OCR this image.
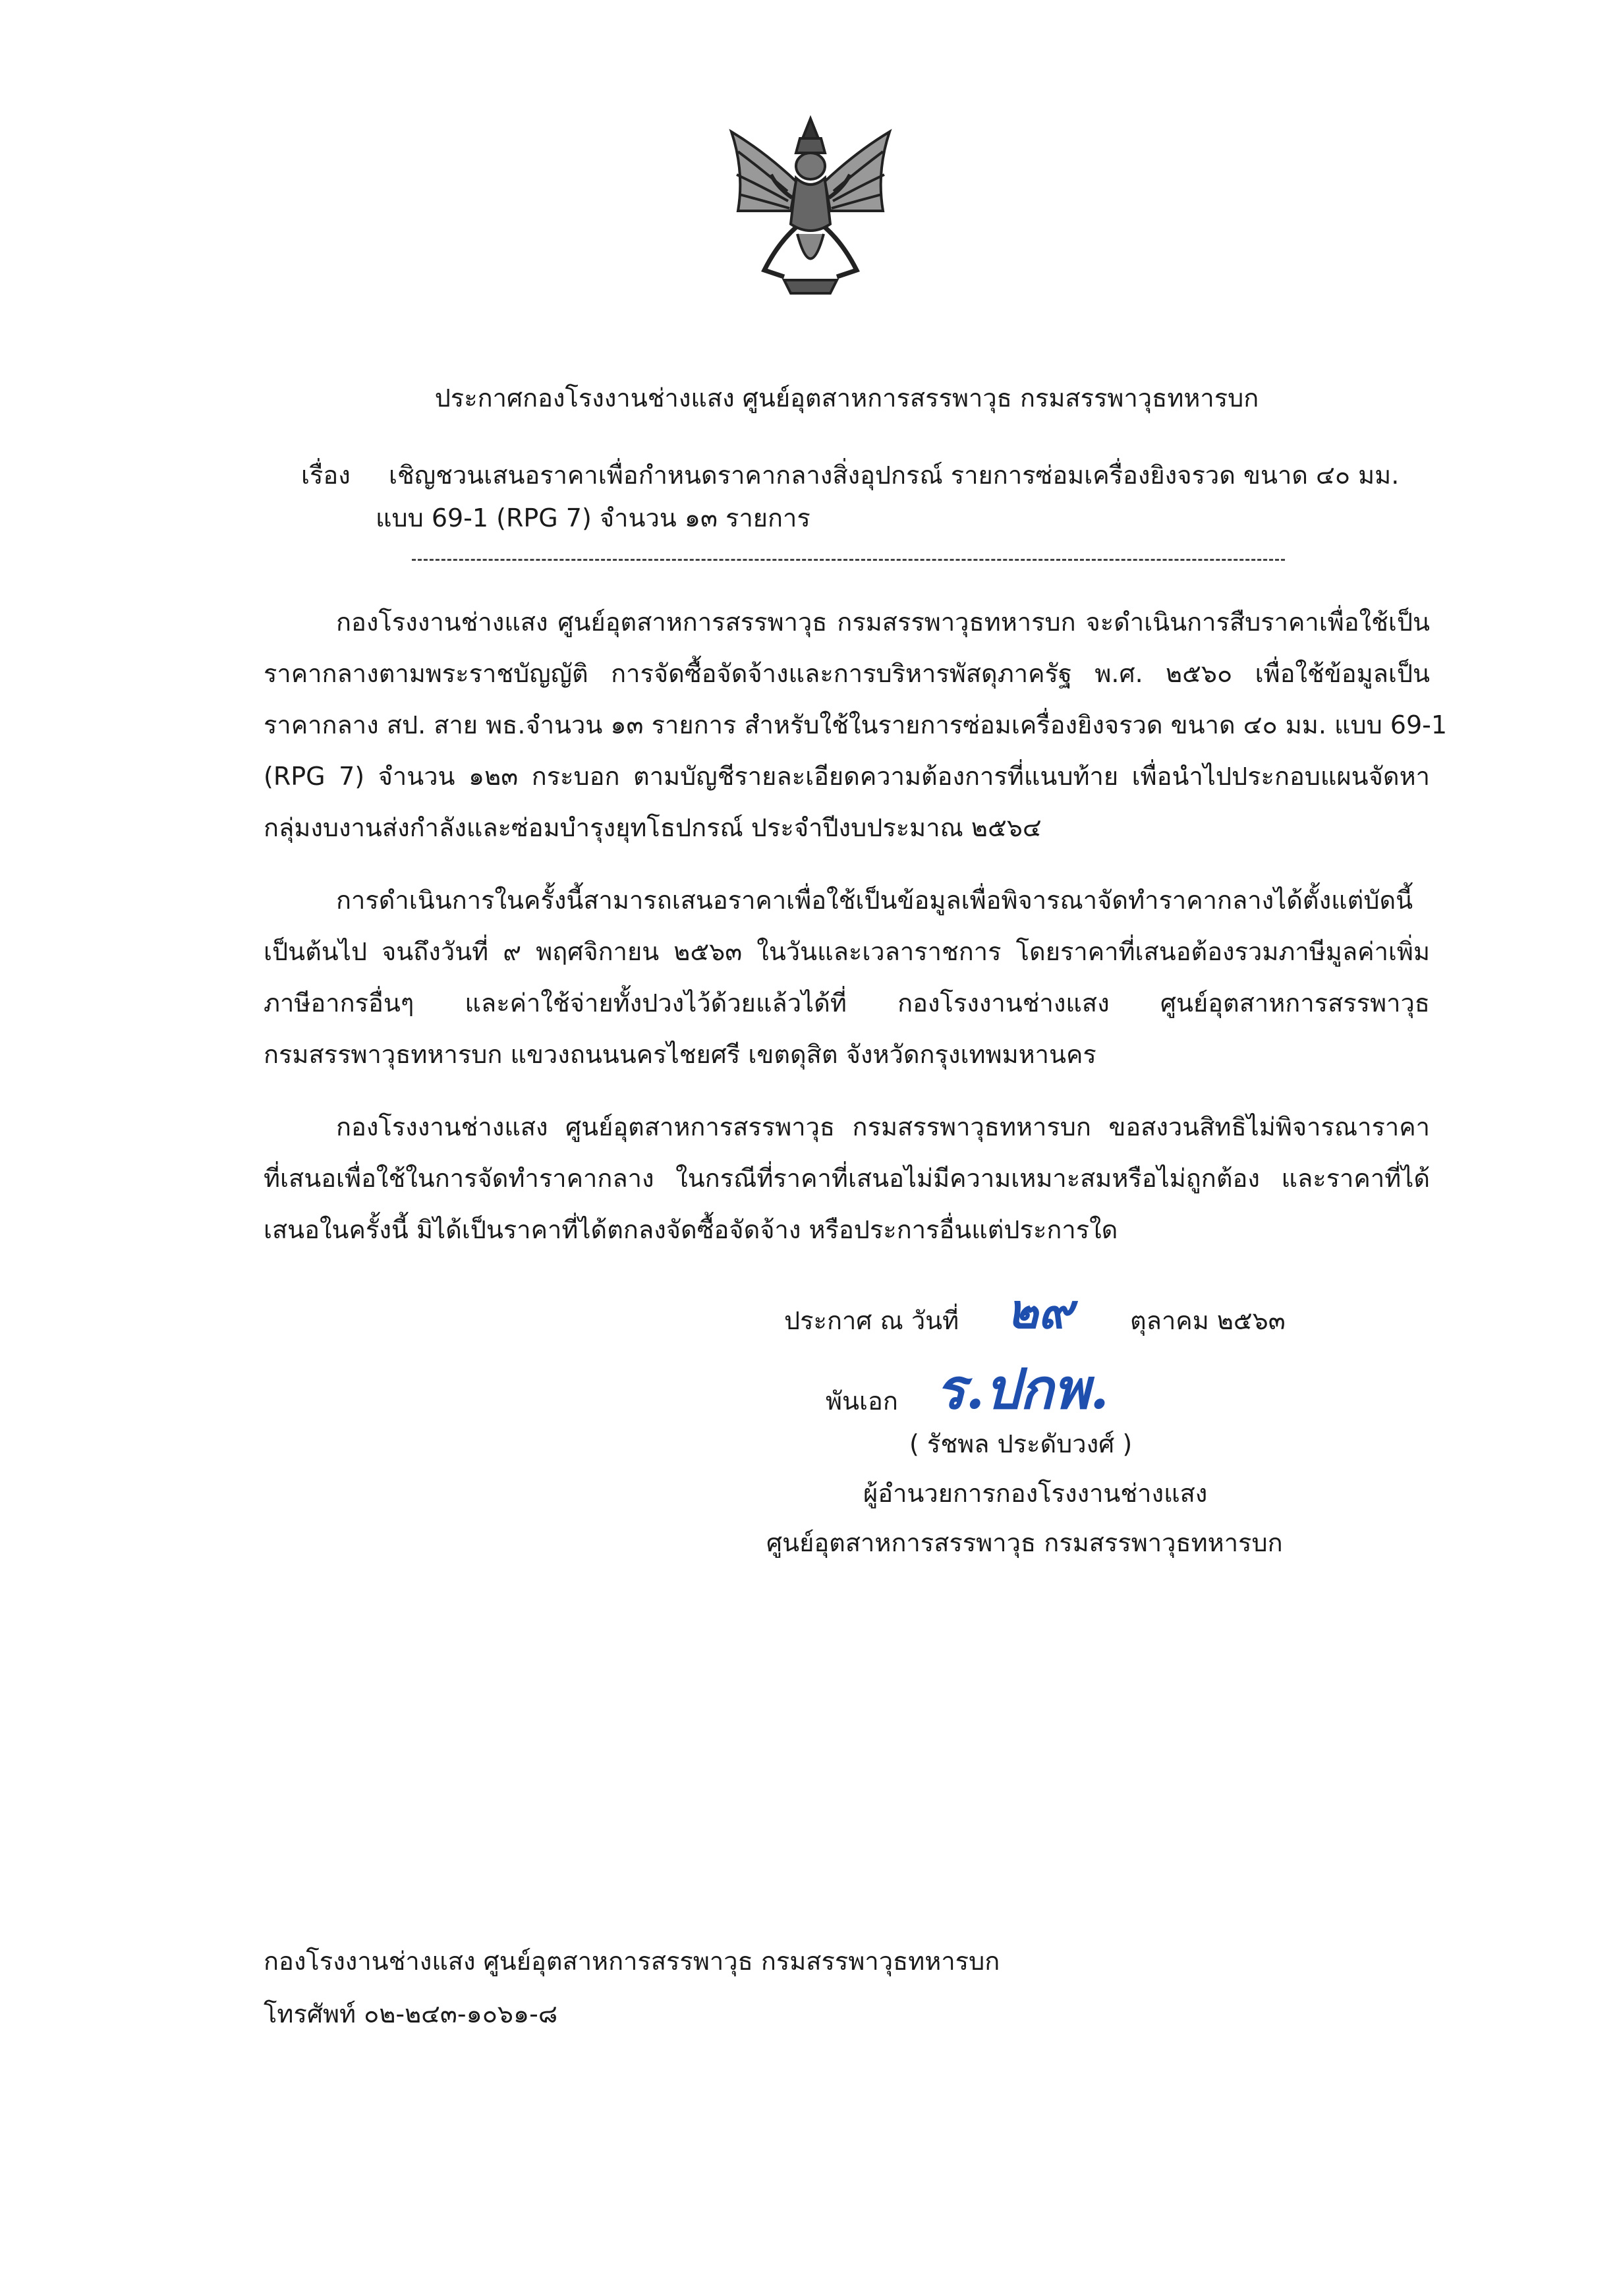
ประกาศกองโรงงานช่างแสง ศูนย์อุตสาหการสรรพาวุธ กรมสรรพาวุธทหารบก
เรื่อง เชิญชวนเสนอราคาเพื่อกำหนดราคากลางสิ่งอุปกรณ์ รายการซ่อมเครื่องยิงจรวด ขนาด ๔๐ มม.
แบบ 69-1 (RPG 7) จำนวน ๑๓ รายการ
กองโรงงานช่างแสง ศูนย์อุตสาหการสรรพาวุธ กรมสรรพาวุธทหารบก จะดำเนินการสืบราคาเพื่อใช้เป็น
ราคากลางตามพระราชบัญญัติ การจัดซื้อจัดจ้างและการบริหารพัสดุภาครัฐ พ.ศ. ๒๕๖๐ เพื่อใช้ข้อมูลเป็น
ราคากลาง สป. สาย พธ.จำนวน ๑๓ รายการ สำหรับใช้ในรายการซ่อมเครื่องยิงจรวด ขนาด ๔๐ มม. แบบ 69-1
(RPG 7) จำนวน ๑๒๓ กระบอก ตามบัญชีรายละเอียดความต้องการที่แนบท้าย เพื่อนำไปประกอบแผนจัดหา
กลุ่มงบงานส่งกำลังและซ่อมบำรุงยุทโธปกรณ์ ประจำปีงบประมาณ ๒๕๖๔
การดำเนินการในครั้งนี้สามารถเสนอราคาเพื่อใช้เป็นข้อมูลเพื่อพิจารณาจัดทำราคากลางได้ตั้งแต่บัดนี้
เป็นต้นไป จนถึงวันที่ ๙ พฤศจิกายน ๒๕๖๓ ในวันและเวลาราชการ โดยราคาที่เสนอต้องรวมภาษีมูลค่าเพิ่ม
ภาษีอากรอื่นๆ และค่าใช้จ่ายทั้งปวงไว้ด้วยแล้วได้ที่ กองโรงงานช่างแสง ศูนย์อุตสาหการสรรพาวุธ
กรมสรรพาวุธทหารบก แขวงถนนนครไชยศรี เขตดุสิต จังหวัดกรุงเทพมหานคร
กองโรงงานช่างแสง ศูนย์อุตสาหการสรรพาวุธ กรมสรรพาวุธทหารบก ขอสงวนสิทธิไม่พิจารณาราคา
ที่เสนอเพื่อใช้ในการจัดทำราคากลาง ในกรณีที่ราคาที่เสนอไม่มีความเหมาะสมหรือไม่ถูกต้อง และราคาที่ได้
เสนอในครั้งนี้ มิได้เป็นราคาที่ได้ตกลงจัดซื้อจัดจ้าง หรือประการอื่นแต่ประการใด
ประกาศ ณ วันที่ ๒๙ ตุลาคม ๒๕๖๓
พันเอก ร.ปกพ.
( รัชพล ประดับวงศ์ )
ผู้อำนวยการกองโรงงานช่างแสง
ศูนย์อุตสาหการสรรพาวุธ กรมสรรพาวุธทหารบก
กองโรงงานช่างแสง ศูนย์อุตสาหการสรรพาวุธ กรมสรรพาวุธทหารบก
โทรศัพท์ ๐๒-๒๔๓-๑๐๖๑-๘
